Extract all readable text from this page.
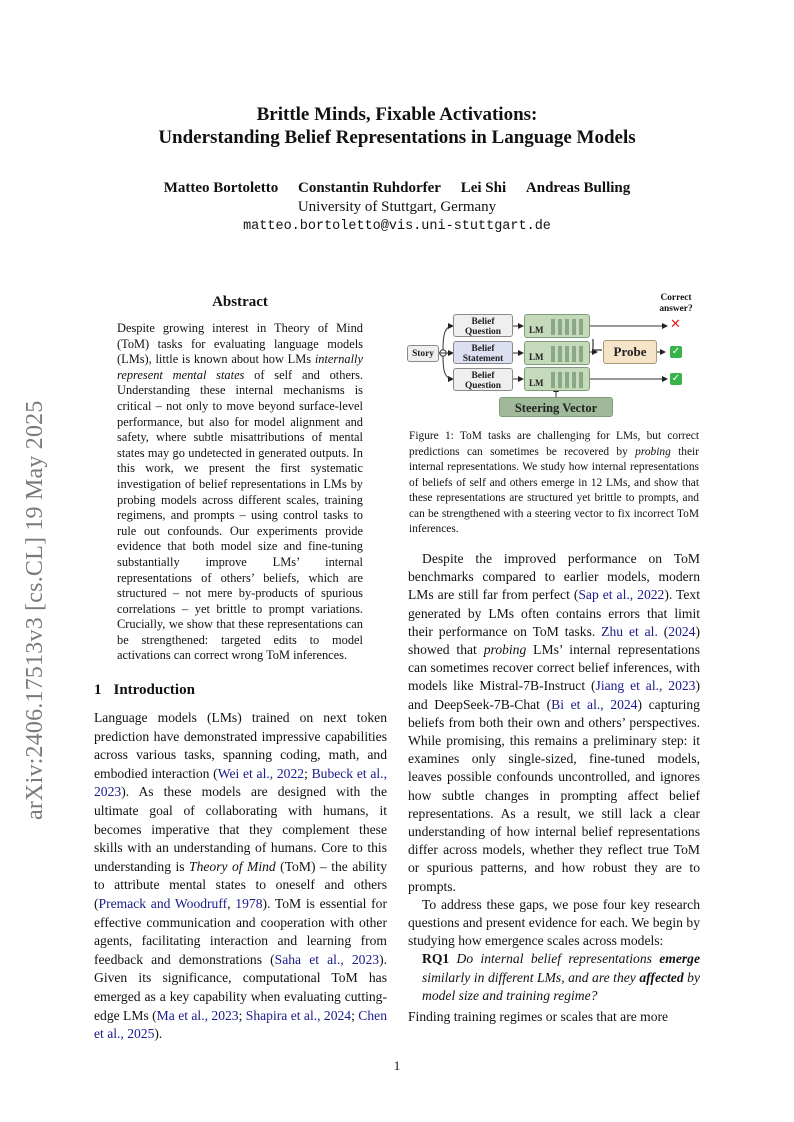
arXiv:2406.17513v3 [cs.CL] 19 May 2025
Brittle Minds, Fixable Activations:
Understanding Belief Representations in Language Models
Matteo Bortoletto Constantin Ruhdorfer Lei Shi Andreas Bulling
University of Stuttgart, Germany
matteo.bortoletto@vis.uni-stuttgart.de
Abstract
Despite growing interest in Theory of Mind (ToM) tasks for evaluating language models (LMs), little is known about how LMs internally represent mental states of self and others. Understanding these internal mechanisms is critical – not only to move beyond surface-level performance, but also for model alignment and safety, where subtle misattributions of mental states may go undetected in generated outputs. In this work, we present the first systematic investigation of belief representations in LMs by probing models across different scales, training regimens, and prompts – using control tasks to rule out confounds. Our experiments provide evidence that both model size and fine-tuning substantially improve LMs’ internal representations of others’ beliefs, which are structured – not mere by-products of spurious correlations – yet brittle to prompt variations. Crucially, we show that these representations can be strengthened: targeted edits to model activations can correct wrong ToM inferences.
1 Introduction
Language models (LMs) trained on next token prediction have demonstrated impressive capabilities across various tasks, spanning coding, math, and embodied interaction (Wei et al., 2022; Bubeck et al., 2023). As these models are designed with the ultimate goal of collaborating with humans, it becomes imperative that they complement these skills with an understanding of humans. Core to this understanding is Theory of Mind (ToM) – the ability to attribute mental states to oneself and others (Premack and Woodruff, 1978). ToM is essential for effective communication and cooperation with other agents, facilitating interaction and learning from feedback and demonstrations (Saha et al., 2023). Given its significance, computational ToM has emerged as a key capability when evaluating cutting-edge LMs (Ma et al., 2023; Shapira et al., 2024; Chen et al., 2025).
Story
Belief Question
Belief Statement
Belief Question
LM
LM
LM
Probe
Steering Vector
Correct answer?
✕
✓
✓
Figure 1: ToM tasks are challenging for LMs, but correct predictions can sometimes be recovered by probing their internal representations. We study how internal representations of beliefs of self and others emerge in 12 LMs, and show that these representations are structured yet brittle to prompts, and can be strengthened with a steering vector to fix incorrect ToM inferences.

Despite the improved performance on ToM benchmarks compared to earlier models, modern LMs are still far from perfect (Sap et al., 2022). Text generated by LMs often contains errors that limit their performance on ToM tasks. Zhu et al. (2024) showed that probing LMs’ internal representations can sometimes recover correct belief inferences, with models like Mistral-7B-Instruct (Jiang et al., 2023) and DeepSeek-7B-Chat (Bi et al., 2024) capturing beliefs from both their own and others’ perspectives. While promising, this remains a preliminary step: it examines only single-sized, fine-tuned models, leaves possible confounds uncontrolled, and ignores how subtle changes in prompting affect belief representations. As a result, we still lack a clear understanding of how internal belief representations differ across models, whether they reflect true ToM or spurious patterns, and how robust they are to prompts.

To address these gaps, we pose four key research questions and present evidence for each. We begin by studying how emergence scales across models:

RQ1 Do internal belief representations emerge similarly in different LMs, and are they affected by model size and training regime?

Finding training regimes or scales that are more

1
